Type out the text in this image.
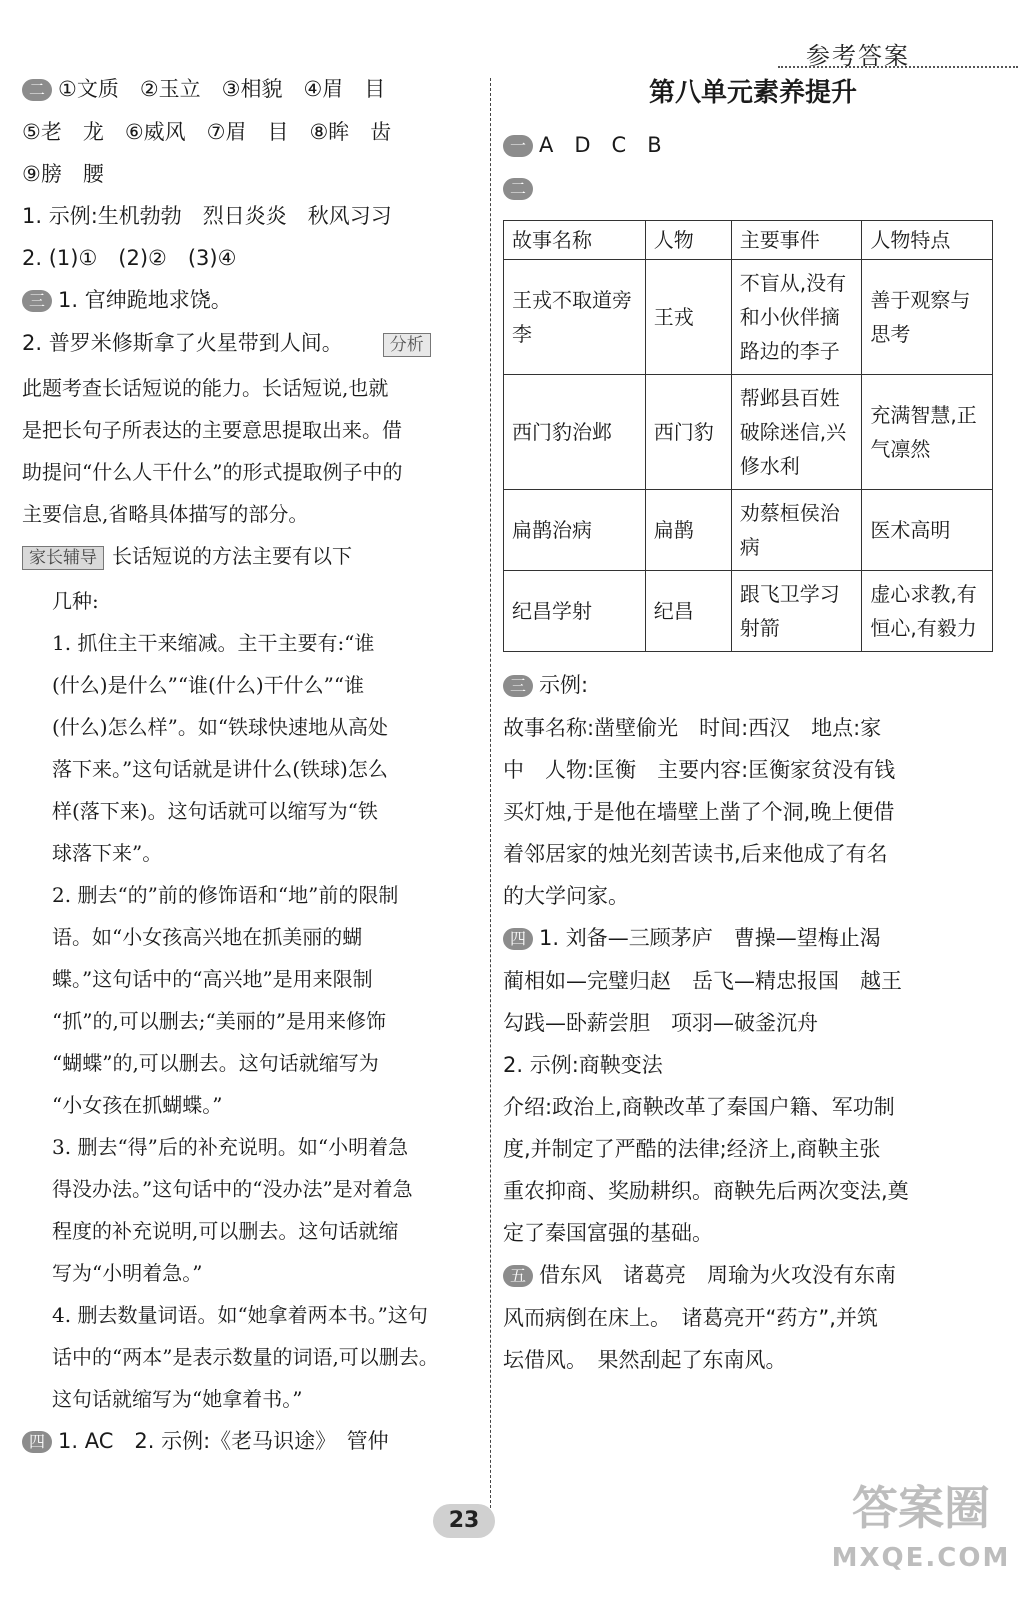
参考答案
二 ①文质　②玉立　③相貌　④眉　目
⑤老　龙　⑥威风　⑦眉　目　⑧眸　齿
⑨膀　腰
1. 示例:生机勃勃　烈日炎炎　秋风习习
2. (1)①　(2)②　(3)④
三 1. 官绅跪地求饶。
2. 普罗米修斯拿了火星带到人间。	分析
此题考查长话短说的能力。长话短说,也就
是把长句子所表达的主要意思提取出来。借
助提问“什么人干什么”的形式提取例子中的
主要信息,省略具体描写的部分。
家长辅导 长话短说的方法主要有以下
几种:
1. 抓住主干来缩减。主干主要有:“谁
(什么)是什么”“谁(什么)干什么”“谁
(什么)怎么样”。如“铁球快速地从高处
落下来。”这句话就是讲什么(铁球)怎么
样(落下来)。这句话就可以缩写为“铁
球落下来”。
2. 删去“的”前的修饰语和“地”前的限制
语。如“小女孩高兴地在抓美丽的蝴
蝶。”这句话中的“高兴地”是用来限制
“抓”的,可以删去;“美丽的”是用来修饰
“蝴蝶”的,可以删去。这句话就缩写为
“小女孩在抓蝴蝶。”
3. 删去“得”后的补充说明。如“小明着急
得没办法。”这句话中的“没办法”是对着急
程度的补充说明,可以删去。这句话就缩
写为“小明着急。”
4. 删去数量词语。如“她拿着两本书。”这句
话中的“两本”是表示数量的词语,可以删去。
这句话就缩写为“她拿着书。”
四 1. AC　2. 示例:《老马识途》　管仲
第八单元素养提升
一 A　D　C　B
二
故事名称	人物	主要事件	人物特点
王戎不取道旁李	王戎	不盲从,没有和小伙伴摘路边的李子	善于观察与思考
西门豹治邺	西门豹	帮邺县百姓破除迷信,兴修水利	充满智慧,正气凛然
扁鹊治病	扁鹊	劝蔡桓侯治病	医术高明
纪昌学射	纪昌	跟飞卫学习射箭	虚心求教,有恒心,有毅力
三 示例:
故事名称:凿壁偷光　时间:西汉　地点:家
中　人物:匡衡　主要内容:匡衡家贫没有钱
买灯烛,于是他在墙壁上凿了个洞,晚上便借
着邻居家的烛光刻苦读书,后来他成了有名
的大学问家。
四 1. 刘备—三顾茅庐　曹操—望梅止渴
蔺相如—完璧归赵　岳飞—精忠报国　越王
勾践—卧薪尝胆　项羽—破釜沉舟
2. 示例:商鞅变法
介绍:政治上,商鞅改革了秦国户籍、军功制
度,并制定了严酷的法律;经济上,商鞅主张
重农抑商、奖励耕织。商鞅先后两次变法,奠
定了秦国富强的基础。
五 借东风　诸葛亮　周瑜为火攻没有东南
风而病倒在床上。　诸葛亮开“药方”,并筑
坛借风。　果然刮起了东南风。
23	答案圈
MXQE.COM
